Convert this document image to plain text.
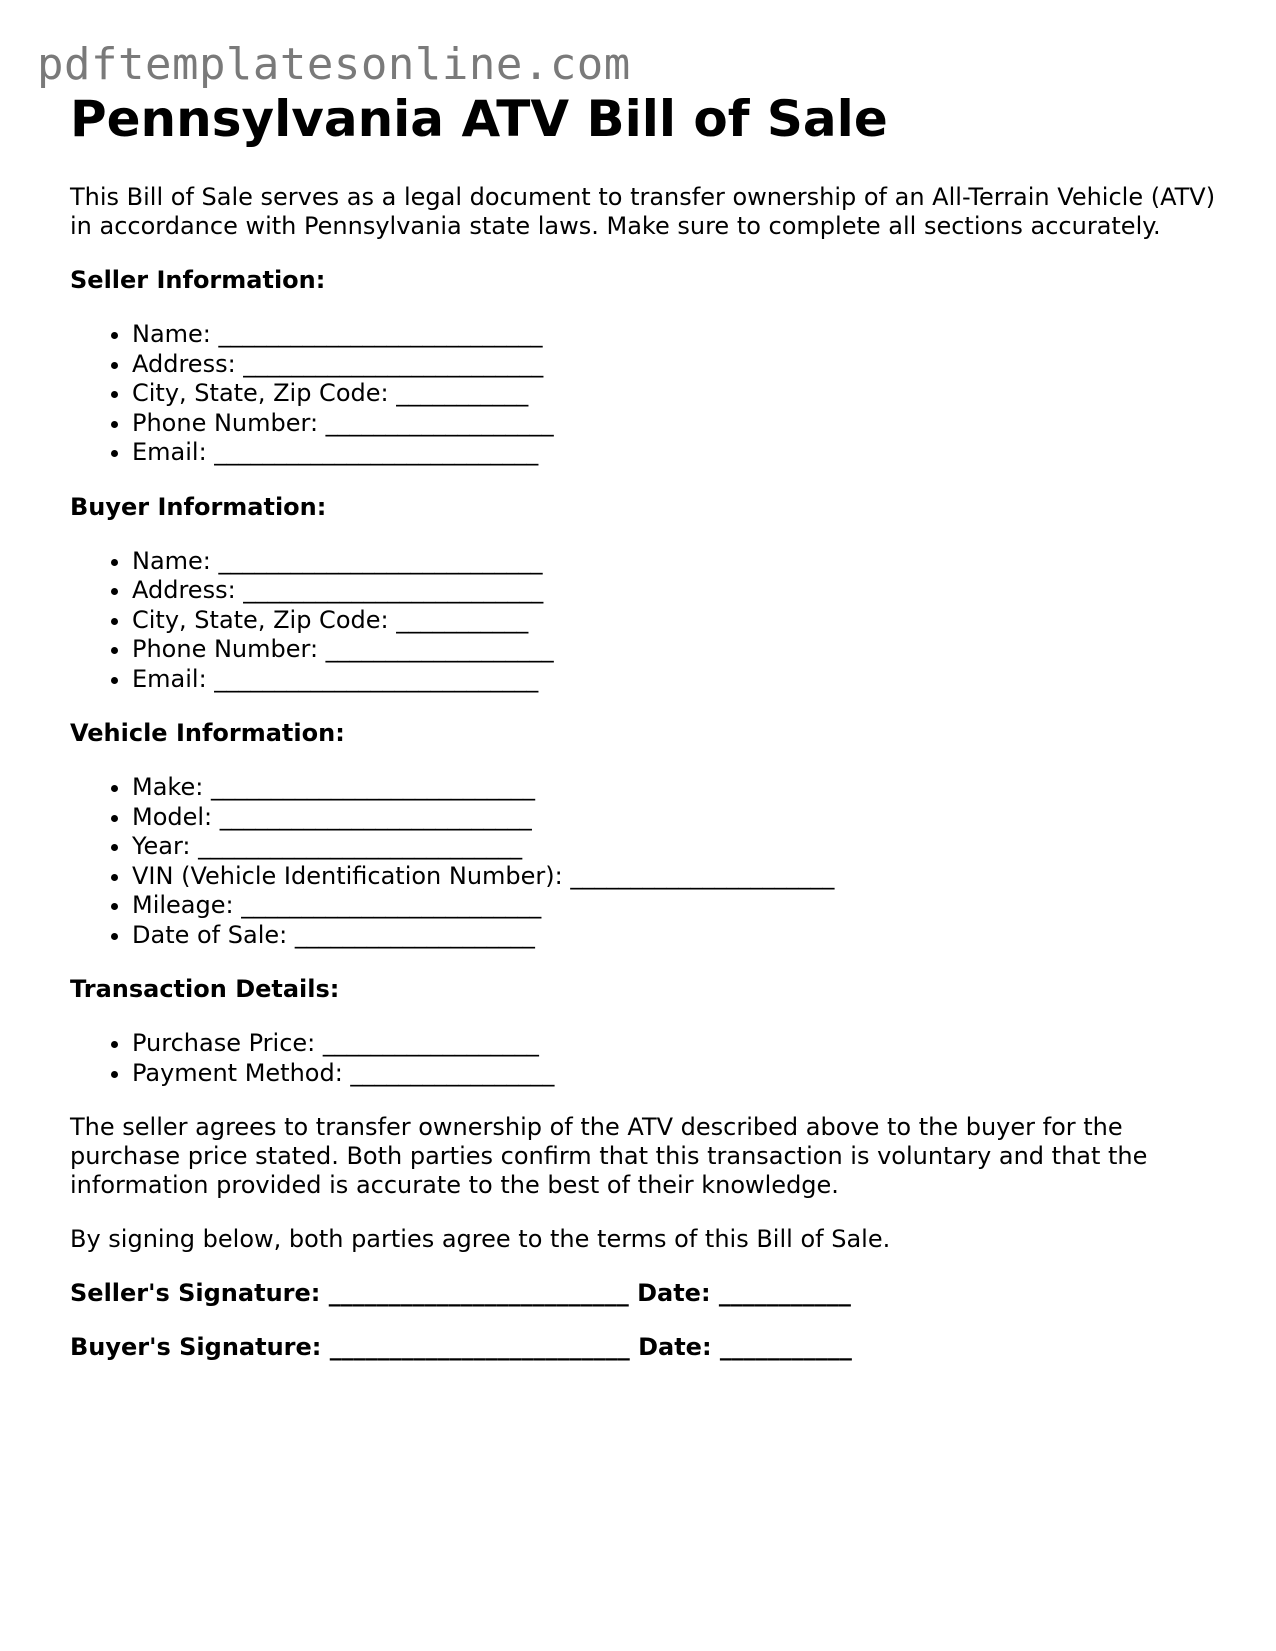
pdftemplatesonline.com
Pennsylvania ATV Bill of Sale

This Bill of Sale serves as a legal document to transfer ownership of an All-Terrain Vehicle (ATV) in accordance with Pennsylvania state laws. Make sure to complete all sections accurately.

Seller Information:

• Name: ___________________________
• Address: _________________________
• City, State, Zip Code: ___________
• Phone Number: ___________________
• Email: ___________________________

Buyer Information:

• Name: ___________________________
• Address: _________________________
• City, State, Zip Code: ___________
• Phone Number: ___________________
• Email: ___________________________

Vehicle Information:

• Make: ___________________________
• Model: __________________________
• Year: ___________________________
• VIN (Vehicle Identification Number): ______________________
• Mileage: _________________________
• Date of Sale: ____________________

Transaction Details:

• Purchase Price: __________________
• Payment Method: _________________

The seller agrees to transfer ownership of the ATV described above to the buyer for the purchase price stated. Both parties confirm that this transaction is voluntary and that the information provided is accurate to the best of their knowledge.

By signing below, both parties agree to the terms of this Bill of Sale.

Seller's Signature: _________________________ Date: ___________

Buyer's Signature: _________________________ Date: ___________
